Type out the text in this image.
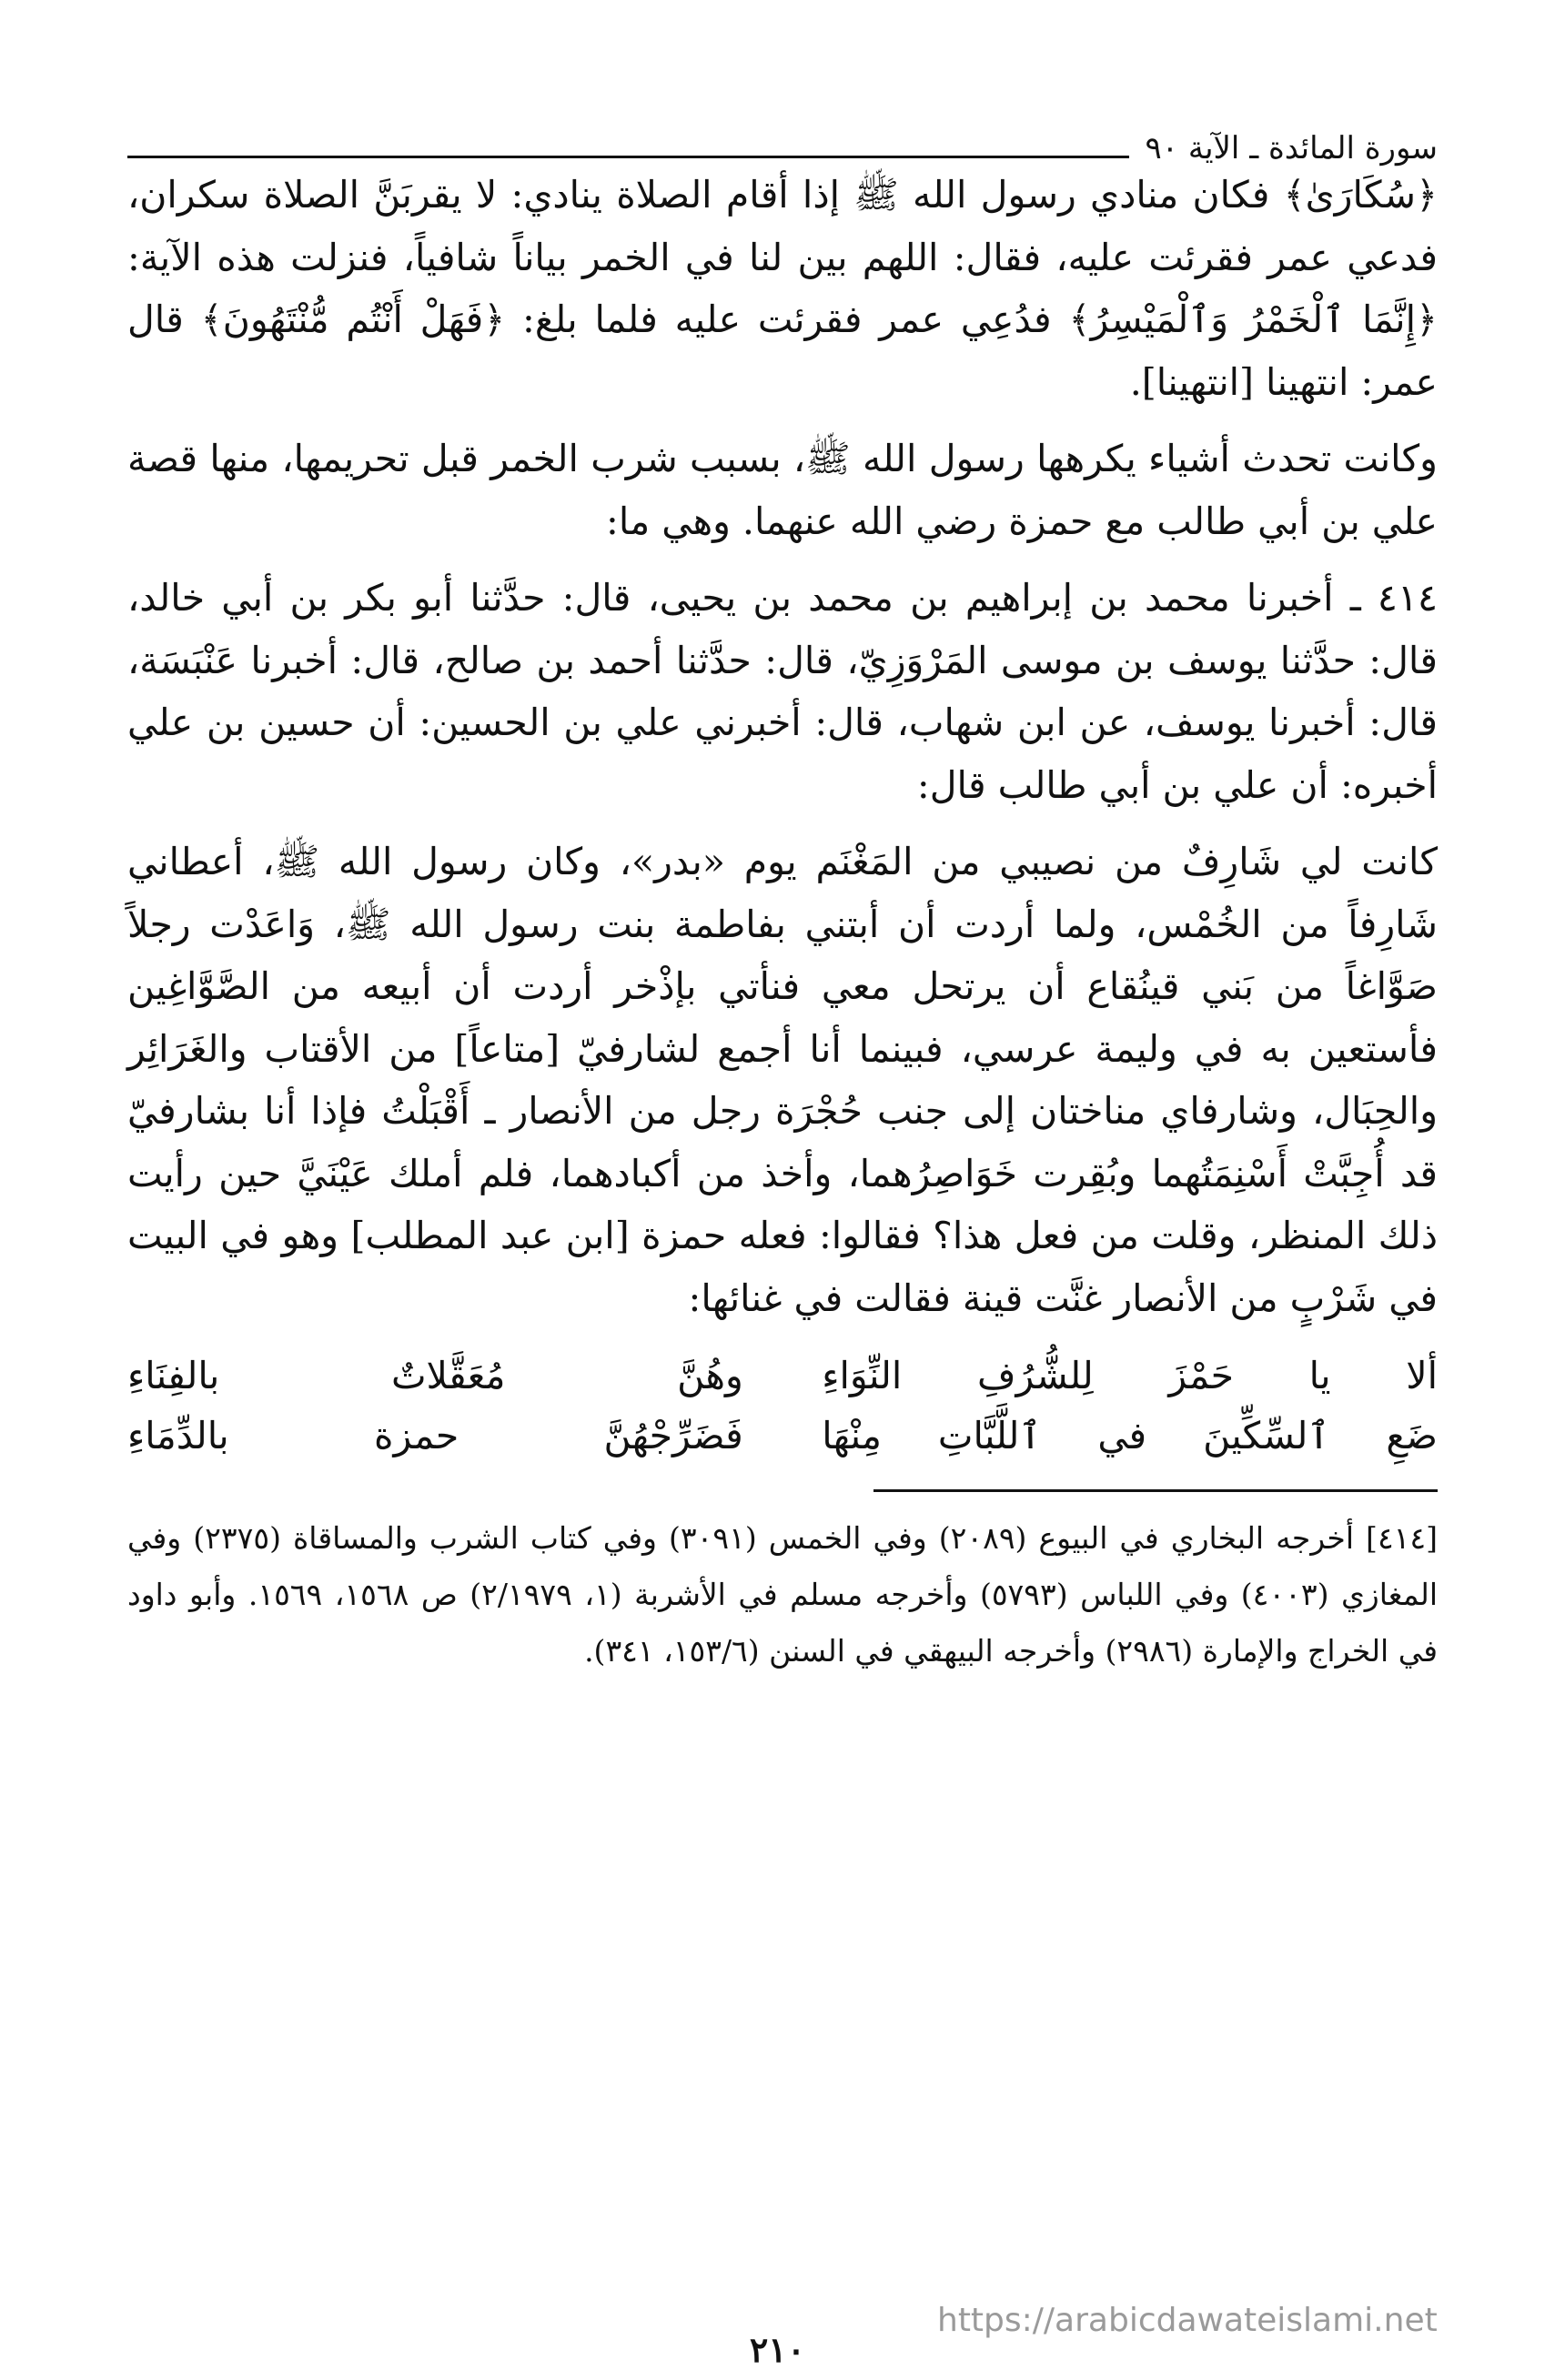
سورة المائدة ـ الآية ٩٠

﴿سُكَارَىٰ﴾ فكان منادي رسول الله ﷺ إذا أقام الصلاة ينادي: لا يقربَنَّ الصلاة سكران، فدعي عمر فقرئت عليه، فقال: اللهم بين لنا في الخمر بياناً شافياً، فنزلت هذه الآية: ﴿إِنَّمَا ٱلْخَمْرُ وَٱلْمَيْسِرُ﴾ فدُعِي عمر فقرئت عليه فلما بلغ: ﴿فَهَلْ أَنْتُم مُّنْتَهُونَ﴾ قال عمر: انتهينا [انتهينا].

وكانت تحدث أشياء يكرهها رسول الله ﷺ، بسبب شرب الخمر قبل تحريمها، منها قصة علي بن أبي طالب مع حمزة رضي الله عنهما. وهي ما:

٤١٤ ـ أخبرنا محمد بن إبراهيم بن محمد بن يحيى، قال: حدَّثنا أبو بكر بن أبي خالد، قال: حدَّثنا يوسف بن موسى المَرْوَزِيّ، قال: حدَّثنا أحمد بن صالح، قال: أخبرنا عَنْبَسَة، قال: أخبرنا يوسف، عن ابن شهاب، قال: أخبرني علي بن الحسين: أن حسين بن علي أخبره: أن علي بن أبي طالب قال:

كانت لي شَارِفٌ من نصيبي من المَغْنَم يوم «بدر»، وكان رسول الله ﷺ، أعطاني شَارِفاً من الخُمْس، ولما أردت أن أبتني بفاطمة بنت رسول الله ﷺ، وَاعَدْت رجلاً صَوَّاغاً من بَني قينُقاع أن يرتحل معي فنأتي بإذْخر أردت أن أبيعه من الصَّوَّاغِين فأستعين به في وليمة عرسي، فبينما أنا أجمع لشارفيّ [متاعاً] من الأقتاب والغَرَائِر والحِبَال، وشارفاي مناختان إلى جنب حُجْرَة رجل من الأنصار ـ أَقْبَلْتُ فإذا أنا بشارفيّ قد أُجِبَّتْ أَسْنِمَتُهما وبُقِرت خَوَاصِرُهما، وأخذ من أكبادهما، فلم أملك عَيْنَيَّ حين رأيت ذلك المنظر، وقلت من فعل هذا؟ فقالوا: فعله حمزة [ابن عبد المطلب] وهو في البيت في شَرْبٍ من الأنصار غنَّت قينة فقالت في غنائها:

ألا يا حَمْزَ لِلشُّرُفِ النِّوَاءِ
وهُنَّ مُعَقَّلاتٌ بالفِنَاءِ
ضَعِ ٱلسِّكِّينَ في ٱللَّبَّاتِ مِنْهَا
فَضَرِّجْهُنَّ حمزة بالدِّمَاءِ
[٤١٤] أخرجه البخاري في البيوع (٢٠٨٩) وفي الخمس (٣٠٩١) وفي كتاب الشرب والمساقاة (٢٣٧٥) وفي المغازي (٤٠٠٣) وفي اللباس (٥٧٩٣) وأخرجه مسلم في الأشربة (١، ٢/١٩٧٩) ص ١٥٦٨، ١٥٦٩. وأبو داود في الخراج والإمارة (٢٩٨٦) وأخرجه البيهقي في السنن (١٥٣/٦، ٣٤١).
https://arabicdawateislami.net
٢١٠
